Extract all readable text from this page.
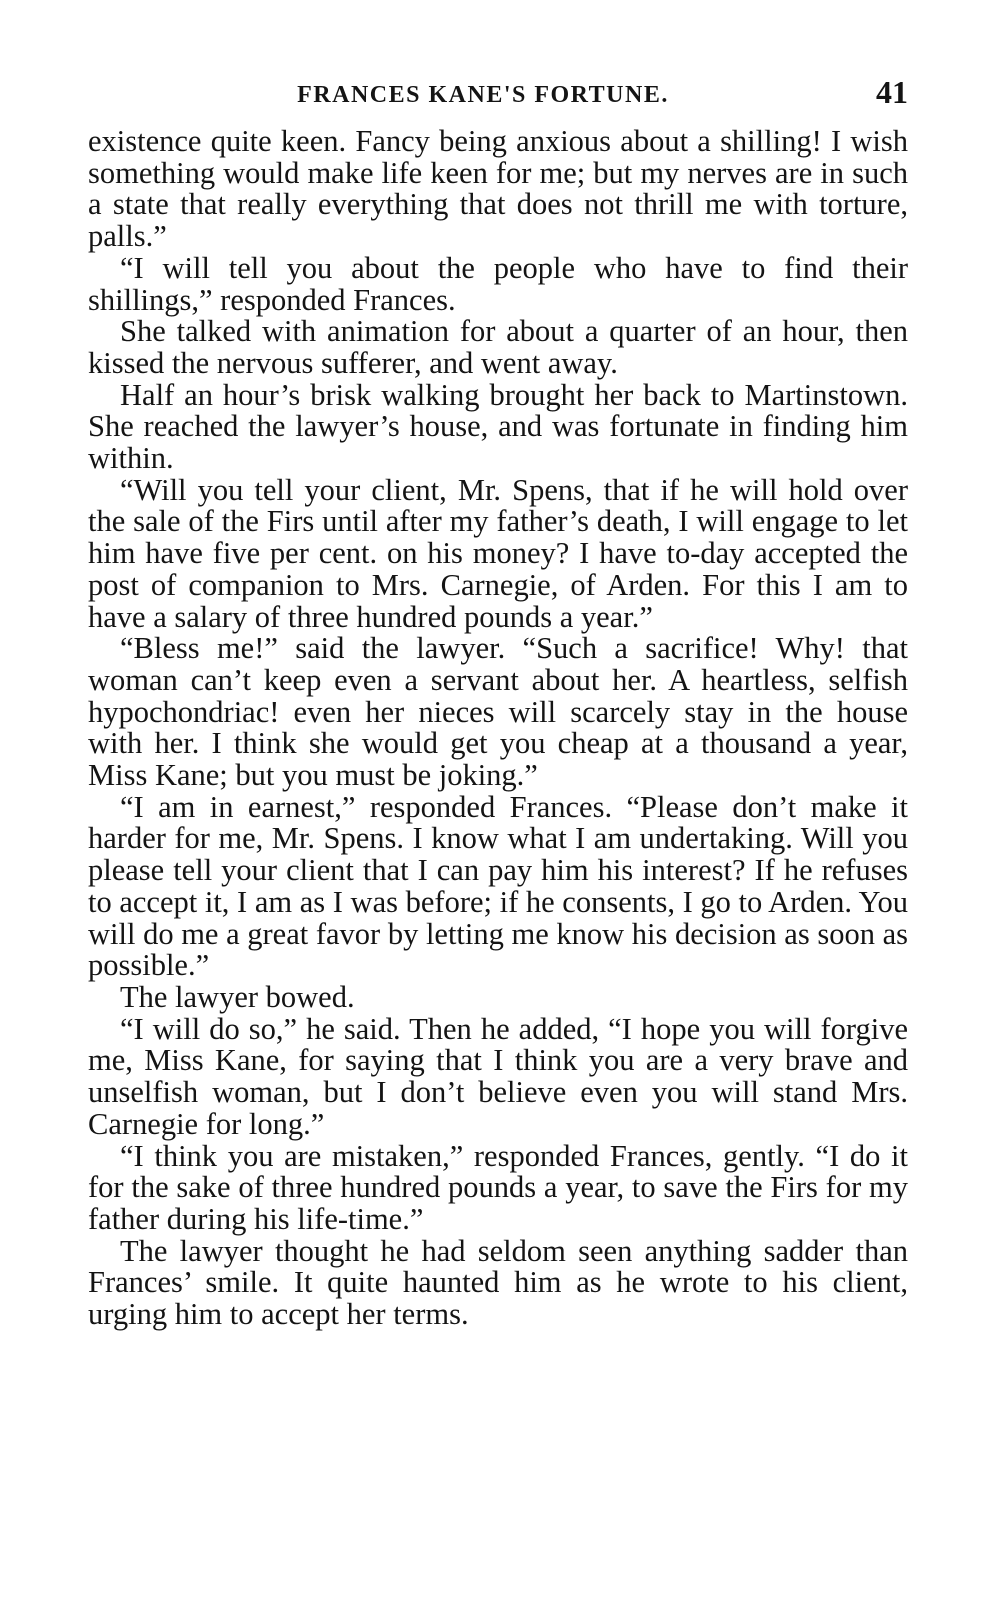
FRANCES KANE'S FORTUNE.	41

existence quite keen. Fancy being anxious about a shilling! I wish something would make life keen for me; but my nerves are in such a state that really everything that does not thrill me with torture, palls.”

“I will tell you about the people who have to find their shillings,” responded Frances.

She talked with animation for about a quarter of an hour, then kissed the nervous sufferer, and went away.

Half an hour’s brisk walking brought her back to Martinstown. She reached the lawyer’s house, and was fortunate in finding him within.

“Will you tell your client, Mr. Spens, that if he will hold over the sale of the Firs until after my father’s death, I will engage to let him have five per cent. on his money? I have to-day accepted the post of companion to Mrs. Carnegie, of Arden. For this I am to have a salary of three hundred pounds a year.”

“Bless me!” said the lawyer. “Such a sacrifice! Why! that woman can’t keep even a servant about her. A heartless, selfish hypochondriac! even her nieces will scarcely stay in the house with her. I think she would get you cheap at a thousand a year, Miss Kane; but you must be joking.”

“I am in earnest,” responded Frances. “Please don’t make it harder for me, Mr. Spens. I know what I am undertaking. Will you please tell your client that I can pay him his interest? If he refuses to accept it, I am as I was before; if he consents, I go to Arden. You will do me a great favor by letting me know his decision as soon as possible.”

The lawyer bowed.

“I will do so,” he said. Then he added, “I hope you will forgive me, Miss Kane, for saying that I think you are a very brave and unselfish woman, but I don’t believe even you will stand Mrs. Carnegie for long.”

“I think you are mistaken,” responded Frances, gently. “I do it for the sake of three hundred pounds a year, to save the Firs for my father during his life-time.”

The lawyer thought he had seldom seen anything sadder than Frances’ smile. It quite haunted him as he wrote to his client, urging him to accept her terms.
